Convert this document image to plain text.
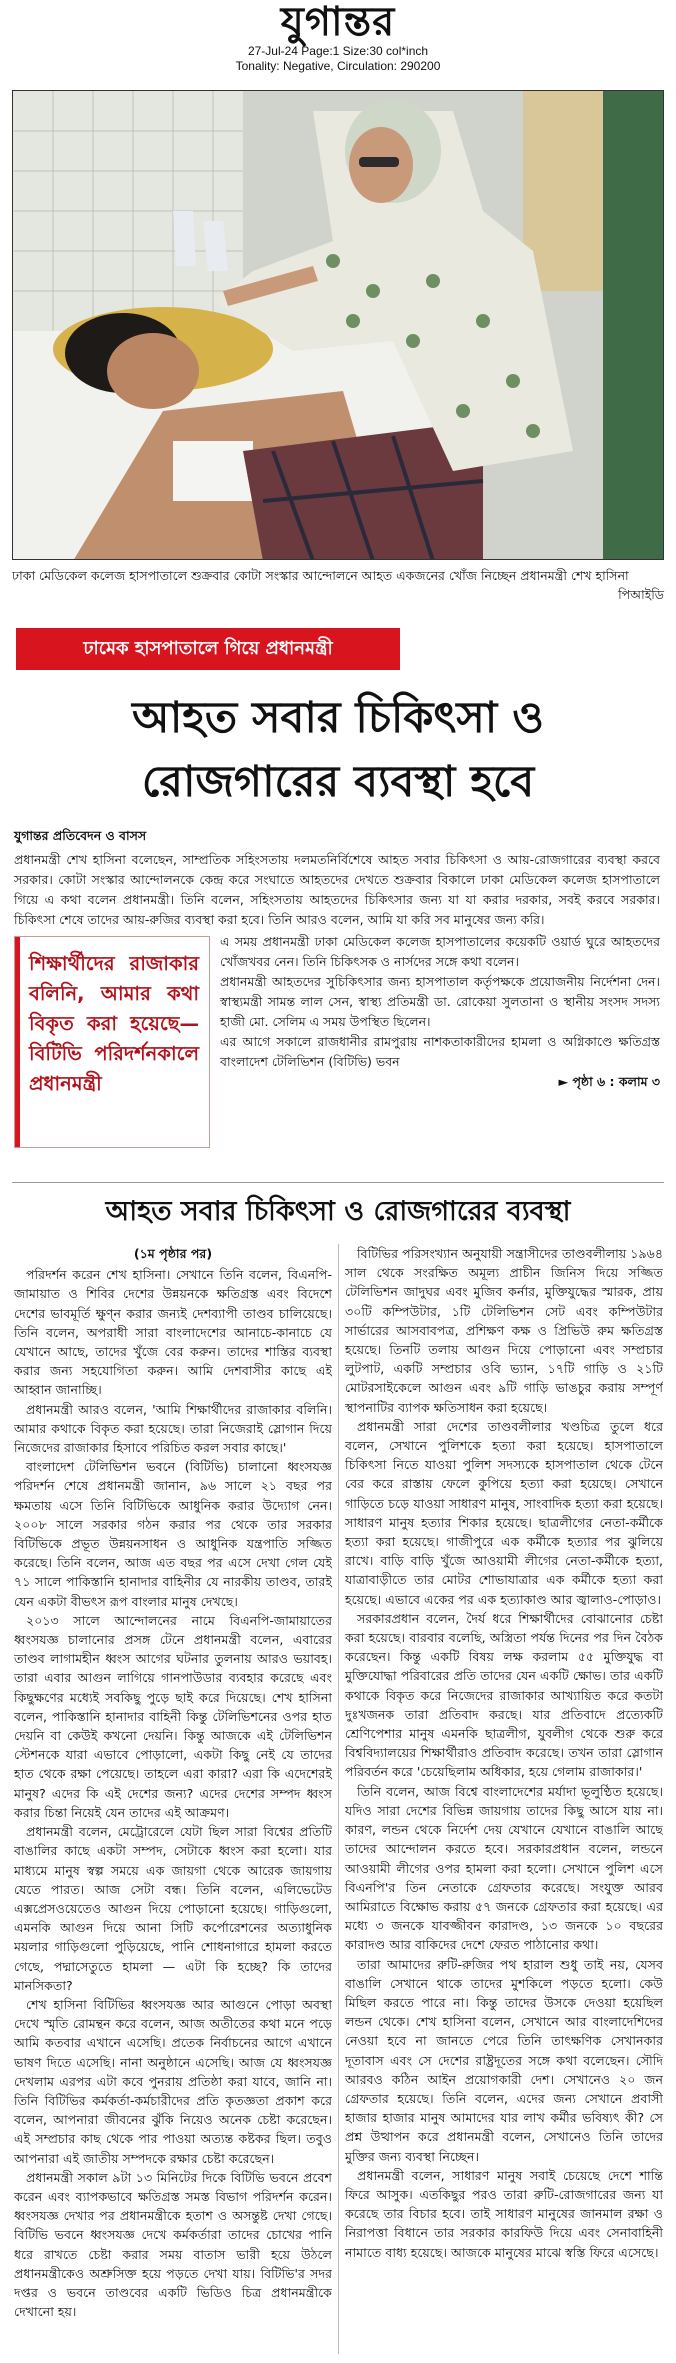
যুগান্তর
27-Jul-24 Page:1 Size:30 col*inch
Tonality: Negative, Circulation: 290200
ঢাকা মেডিকেল কলেজ হাসপাতালে শুক্রবার কোটা সংস্কার আন্দোলনে আহত একজনের খোঁজ নিচ্ছেন প্রধানমন্ত্রী শেখ হাসিনা
পিআইডি
ঢামেক হাসপাতালে গিয়ে প্রধানমন্ত্রী
আহত সবার চিকিৎসা ও
রোজগারের ব্যবস্থা হবে
যুগান্তর প্রতিবেদন ও বাসস

প্রধানমন্ত্রী শেখ হাসিনা বলেছেন, সাম্প্রতিক সহিংসতায় দলমতনির্বিশেষে আহত সবার চিকিৎসা ও আয়-রোজগারের ব্যবস্থা করবে সরকার। কোটা সংস্কার আন্দোলনকে কেন্দ্র করে সংঘাতে আহতদের দেখতে শুক্রবার বিকালে ঢাকা মেডিকেল কলেজ হাসপাতালে গিয়ে এ কথা বলেন প্রধানমন্ত্রী। তিনি বলেন, সহিংসতায় আহতদের চিকিৎসার জন্য যা যা করার দরকার, সবই করবে সরকার। চিকিৎসা শেষে তাদের আয়-রুজির ব্যবস্থা করা হবে। তিনি আরও বলেন, আমি যা করি সব মানুষের জন্য করি।

শিক্ষার্থীদের রাজাকার বলিনি, আমার কথা বিকৃত করা হয়েছে—বিটিভি পরিদর্শনকালে প্রধানমন্ত্রী

এ সময় প্রধানমন্ত্রী ঢাকা মেডিকেল কলেজ হাসপাতালের কয়েকটি ওয়ার্ড ঘুরে আহতদের খোঁজখবর নেন। তিনি চিকিৎসক ও নার্সদের সঙ্গে কথা বলেন।

প্রধানমন্ত্রী আহতদের সুচিকিৎসার জন্য হাসপাতাল কর্তৃপক্ষকে প্রয়োজনীয় নির্দেশনা দেন। স্বাস্থ্যমন্ত্রী সামন্ত লাল সেন, স্বাস্থ্য প্রতিমন্ত্রী ডা. রোকেয়া সুলতানা ও স্থানীয় সংসদ সদস্য হাজী মো. সেলিম এ সময় উপস্থিত ছিলেন।

এর আগে সকালে রাজধানীর রামপুরায় নাশকতাকারীদের হামলা ও অগ্নিকাণ্ডে ক্ষতিগ্রস্ত বাংলাদেশ টেলিভিশন (বিটিভি) ভবন

► পৃষ্ঠা ৬ : কলাম ৩
আহত সবার চিকিৎসা ও রোজগারের ব্যবস্থা
(১ম পৃষ্ঠার পর)

পরিদর্শন করেন শেখ হাসিনা। সেখানে তিনি বলেন, বিএনপি-জামায়াত ও শিবির দেশের উন্নয়নকে ক্ষতিগ্রস্ত এবং বিদেশে দেশের ভাবমূর্তি ক্ষুণ্ন করার জন্যই দেশব্যাপী তাণ্ডব চালিয়েছে। তিনি বলেন, অপরাধী সারা বাংলাদেশের আনাচে-কানাচে যে যেখানে আছে, তাদের খুঁজে বের করুন। তাদের শাস্তির ব্যবস্থা করার জন্য সহযোগিতা করুন। আমি দেশবাসীর কাছে এই আহ্বান জানাচ্ছি।

প্রধানমন্ত্রী আরও বলেন, 'আমি শিক্ষার্থীদের রাজাকার বলিনি। আমার কথাকে বিকৃত করা হয়েছে। তারা নিজেরাই স্লোগান দিয়ে নিজেদের রাজাকার হিসাবে পরিচিত করল সবার কাছে।'

বাংলাদেশ টেলিভিশন ভবনে (বিটিভি) চালানো ধ্বংসযজ্ঞ পরিদর্শন শেষে প্রধানমন্ত্রী জানান, ৯৬ সালে ২১ বছর পর ক্ষমতায় এসে তিনি বিটিভিকে আধুনিক করার উদ্যোগ নেন। ২০০৮ সালে সরকার গঠন করার পর থেকে তার সরকার বিটিভিকে প্রভূত উন্নয়নসাধন ও আধুনিক যন্ত্রপাতি সজ্জিত করেছে। তিনি বলেন, আজ এত বছর পর এসে দেখা গেল যেই ৭১ সালে পাকিস্তানি হানাদার বাহিনীর যে নারকীয় তাণ্ডব, তারই যেন একটা বীভৎস রূপ বাংলার মানুষ দেখছে।

২০১৩ সালে আন্দোলনের নামে বিএনপি-জামায়াতের ধ্বংসযজ্ঞ চালানোর প্রসঙ্গ টেনে প্রধানমন্ত্রী বলেন, এবারের তাণ্ডব লাগামহীন ধ্বংস আগের ঘটনার তুলনায় আরও ভয়াবহ। তারা এবার আগুন লাগিয়ে গানপাউডার ব্যবহার করেছে এবং কিছুক্ষণের মধ্যেই সবকিছু পুড়ে ছাই করে দিয়েছে। শেখ হাসিনা বলেন, পাকিস্তানি হানাদার বাহিনী কিন্তু টেলিভিশনের ওপর হাত দেয়নি বা কেউই কখনো দেয়নি। কিন্তু আজকে এই টেলিভিশন স্টেশনকে যারা এভাবে পোড়ালো, একটা কিছু নেই যে তাদের হাত থেকে রক্ষা পেয়েছে। তাহলে এরা কারা? এরা কি এদেশেরই মানুষ? এদের কি এই দেশের জন্য? এদের দেশের সম্পদ ধ্বংস করার চিন্তা নিয়েই যেন তাদের এই আক্রমণ।

প্রধানমন্ত্রী বলেন, মেট্রোরেলে যেটা ছিল সারা বিশ্বের প্রতিটি বাঙালির কাছে একটা সম্পদ, সেটাকে ধ্বংস করা হলো। যার মাধ্যমে মানুষ স্বল্প সময়ে এক জায়গা থেকে আরেক জায়গায় যেতে পারত। আজ সেটা বন্ধ। তিনি বলেন, এলিভেটেড এক্সপ্রেসওয়েতেও আগুন দিয়ে পোড়ানো হয়েছে। গাড়িগুলো, এমনকি আগুন দিয়ে আনা সিটি কর্পোরেশনের অত্যাধুনিক ময়লার গাড়িগুলো পুড়িয়েছে, পানি শোধনাগারে হামলা করতে গেছে, পদ্মাসেতুতে হামলা — এটা কি হচ্ছে? কি তাদের মানসিকতা?

শেখ হাসিনা বিটিভির ধ্বংসযজ্ঞ আর আগুনে পোড়া অবস্থা দেখে স্মৃতি রোমন্থন করে বলেন, আজ অতীতের কথা মনে পড়ে আমি কতবার এখানে এসেছি। প্রতেক নির্বাচনের আগে এখানে ভাষণ দিতে এসেছি। নানা অনুষ্ঠানে এসেছি। আজ যে ধ্বংসযজ্ঞ দেখলাম এরপর এটা কবে পুনরায় প্রতিষ্ঠা করা যাবে, জানি না। তিনি বিটিভির কর্মকর্তা-কর্মচারীদের প্রতি কৃতজ্ঞতা প্রকাশ করে বলেন, আপনারা জীবনের ঝুঁকি নিয়েও অনেক চেষ্টা করেছেন। এই সম্প্রচার কাছ থেকে পার পাওয়া অত্যন্ত কষ্টকর ছিল। তবুও আপনারা এই জাতীয় সম্পদকে রক্ষার চেষ্টা করেছেন।

প্রধানমন্ত্রী সকাল ৯টা ১৩ মিনিটের দিকে বিটিভি ভবনে প্রবেশ করেন এবং ব্যাপকভাবে ক্ষতিগ্রস্ত সমস্ত বিভাগ পরিদর্শন করেন। ধ্বংসযজ্ঞ দেখার পর প্রধানমন্ত্রীকে হতাশ ও অসন্তুষ্ট দেখা গেছে। বিটিভি ভবনে ধ্বংসযজ্ঞ দেখে কর্মকর্তারা তাদের চোখের পানি ধরে রাখতে চেষ্টা করার সময় বাতাস ভারী হয়ে উঠলে প্রধানমন্ত্রীকেও অশ্রুসিক্ত হয়ে পড়তে দেখা যায়। বিটিভি'র সদর দপ্তর ও ভবনে তাণ্ডবের একটি ভিডিও চিত্র প্রধানমন্ত্রীকে দেখানো হয়।

বিটিভির পরিসংখ্যান অনুযায়ী সন্ত্রাসীদের তাণ্ডবলীলায় ১৯৬৪ সাল থেকে সংরক্ষিত অমূল্য প্রাচীন জিনিস দিয়ে সজ্জিত টেলিভিশন জাদুঘর এবং মুজিব কর্নার, মুক্তিযুদ্ধের স্মারক, প্রায় ৩০টি কম্পিউটার, ১টি টেলিভিশন সেট এবং কম্পিউটার সার্ভারের আসবাবপত্র, প্রশিক্ষণ কক্ষ ও প্রিভিউ রুম ক্ষতিগ্রস্ত হয়েছে। তিনটি তলায় আগুন দিয়ে পোড়ানো এবং সম্প্রচার লুটপাট, একটি সম্প্রচার ওবি ভ্যান, ১৭টি গাড়ি ও ২১টি মোটরসাইকেলে আগুন এবং ৯টি গাড়ি ভাঙচুর করায় সম্পূর্ণ স্থাপনাটির ব্যাপক ক্ষতিসাধন করা হয়েছে।

প্রধানমন্ত্রী সারা দেশের তাণ্ডবলীলার খণ্ডচিত্র তুলে ধরে বলেন, সেখানে পুলিশকে হত্যা করা হয়েছে। হাসপাতালে চিকিৎসা নিতে যাওয়া পুলিশ সদস্যকে হাসপাতাল থেকে টেনে বের করে রাস্তায় ফেলে কুপিয়ে হত্যা করা হয়েছে। সেখানে গাড়িতে চড়ে যাওয়া সাধারণ মানুষ, সাংবাদিক হত্যা করা হয়েছে। সাধারণ মানুষ হত্যার শিকার হয়েছে। ছাত্রলীগের নেতা-কর্মীকে হত্যা করা হয়েছে। গাজীপুরে এক কর্মীকে হত্যার পর ঝুলিয়ে রাখে। বাড়ি বাড়ি খুঁজে আওয়ামী লীগের নেতা-কর্মীকে হত্যা, যাত্রাবাড়ীতে তার মোটর শোভাযাত্রার এক কর্মীকে হত্যা করা হয়েছে। এভাবে একের পর এক হত্যাকাণ্ড আর জ্বালাও-পোড়াও।

সরকারপ্রধান বলেন, দৈর্য ধরে শিক্ষার্থীদের বোঝানোর চেষ্টা করা হয়েছে। বারবার বলেছি, অস্ত্রিতা পর্যন্ত দিনের পর দিন বৈঠক করেছেন। কিন্তু একটি বিষয় লক্ষ করলাম ৫৫ মুক্তিযুদ্ধ বা মুক্তিযোদ্ধা পরিবারের প্রতি তাদের যেন একটি ক্ষোভ। তার একটি কথাকে বিকৃত করে নিজেদের রাজাকার আখ্যায়িত করে কতটা দুঃখজনক তারা প্রতিবাদ করছে। যার প্রতিবাদে প্রত্যেকটি শ্রেণিপেশার মানুষ এমনকি ছাত্রলীগ, যুবলীগ থেকে শুরু করে বিশ্ববিদ্যালয়ের শিক্ষার্থীরাও প্রতিবাদ করেছে। তখন তারা স্লোগান পরিবর্তন করে 'চেয়েছিলাম অধিকার, হয়ে গেলাম রাজাকার।'

তিনি বলেন, আজ বিশ্বে বাংলাদেশের মর্যাদা ভূলুণ্ঠিত হয়েছে। যদিও সারা দেশের বিভিন্ন জায়গায় তাদের কিছু আসে যায় না। কারণ, লন্ডন থেকে নির্দেশ দেয় যেখানে যেখানে বাঙালি আছে তাদের আন্দোলন করতে হবে। সরকারপ্রধান বলেন, লন্ডনে আওয়ামী লীগের ওপর হামলা করা হলো। সেখানে পুলিশ এসে বিএনপি'র তিন নেতাকে গ্রেফতার করেছে। সংযুক্ত আরব আমিরাতে বিক্ষোভ করায় ৫৭ জনকে গ্রেফতার করা হয়েছে। এর মধ্যে ৩ জনকে যাবজ্জীবন কারাদণ্ড, ১৩ জনকে ১০ বছরের কারাদণ্ড আর বাকিদের দেশে ফেরত পাঠানোর কথা।

তারা আমাদের রুটি-রুজির পথ হারাল শুধু তাই নয়, যেসব বাঙালি সেখানে থাকে তাদের মুশকিলে পড়তে হলো। কেউ মিছিল করতে পারে না। কিন্তু তাদের উসকে দেওয়া হয়েছিল লন্ডন থেকে। শেখ হাসিনা বলেন, সেখানে আর বাংলাদেশিদের নেওয়া হবে না জানতে পেরে তিনি তাৎক্ষণিক সেখানকার দূতাবাস এবং সে দেশের রাষ্ট্রদূতের সঙ্গে কথা বলেছেন। সৌদি আরবও কঠিন আইন প্রয়োগকারী দেশ। সেখানেও ২০ জন গ্রেফতার হয়েছে। তিনি বলেন, এদের জন্য সেখানে প্রবাসী হাজার হাজার মানুষ আমাদের যার লাখ কর্মীর ভবিষ্যৎ কী? সে প্রশ্ন উত্থাপন করে প্রধানমন্ত্রী বলেন, সেখানেও তিনি তাদের মুক্তির জন্য ব্যবস্থা নিচ্ছেন।

প্রধানমন্ত্রী বলেন, সাধারণ মানুষ সবাই চেয়েছে দেশে শান্তি ফিরে আসুক। এতকিছুর পরও তারা রুটি-রোজগারের জন্য যা করেছে তার বিচার হবে। তাই সাধারণ মানুষের জানমাল রক্ষা ও নিরাপত্তা বিধানে তার সরকার কারফিউ দিয়ে এবং সেনাবাহিনী নামাতে বাধ্য হয়েছে। আজকে মানুষের মাঝে স্বস্তি ফিরে এসেছে।
